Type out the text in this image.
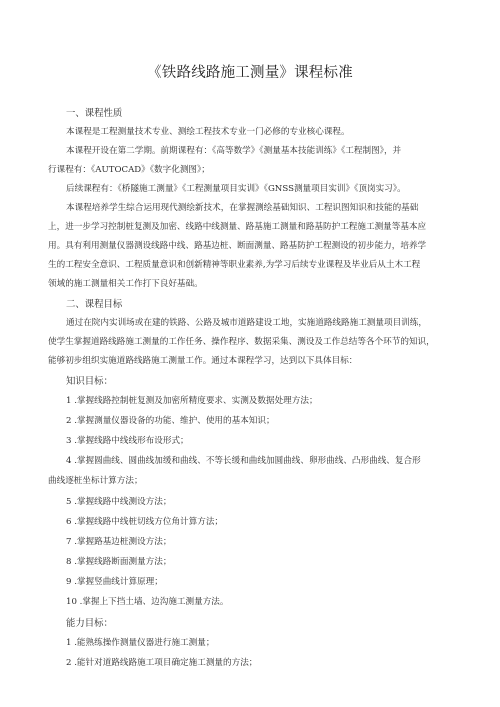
《铁路线路施工测量》课程标准
一、课程性质
本课程是工程测量技术专业、测绘工程技术专业一门必修的专业核心课程。
本课程开设在第二学期。前期课程有：《高等数学》《测量基本技能训练》《工程制图》，并
行课程有：《AUTOCAD》《数字化测图》；
后续课程有：《桥隧施工测量》《工程测量项目实训》《GNSS测量项目实训》《顶岗实习》。
本课程培养学生综合运用现代测绘新技术，在掌握测绘基础知识、工程识图知识和技能的基础
上，进一步学习控制桩复测及加密、线路中线测量、路基施工测量和路基防护工程施工测量等基本应
用。具有利用测量仪器测设线路中线、路基边桩、断面测量、路基防护工程测设的初步能力，培养学
生的工程安全意识、工程质量意识和创新精神等职业素养,为学习后续专业课程及毕业后从土木工程
领域的施工测量相关工作打下良好基础。
二、课程目标
通过在院内实训场或在建的铁路、公路及城市道路建设工地，实施道路线路施工测量项目训练，
使学生掌握道路线路施工测量的工作任务、操作程序、数据采集、测设及工作总结等各个环节的知识，
能够初步组织实施道路线路施工测量工作。通过本课程学习，达到以下具体目标：
知识目标：
1 .掌握线路控制桩复测及加密所精度要求、实测及数据处理方法；
2 .掌握测量仪器设备的功能、维护、使用的基本知识；
3 .掌握线路中线线形布设形式；
4 .掌握圆曲线、圆曲线加缓和曲线、不等长缓和曲线加圆曲线、卵形曲线、凸形曲线、复合形
曲线逐桩坐标计算方法；
5 .掌握线路中线测设方法；
6 .掌握线路中线桩切线方位角计算方法；
7 .掌握路基边桩测设方法；
8 .掌握线路断面测量方法；
9 .掌握竖曲线计算原理；
10 .掌握上下挡土墙、边沟施工测量方法。
能力目标：
1 .能熟练操作测量仪器进行施工测量；
2 .能针对道路线路施工项目确定施工测量的方法；
